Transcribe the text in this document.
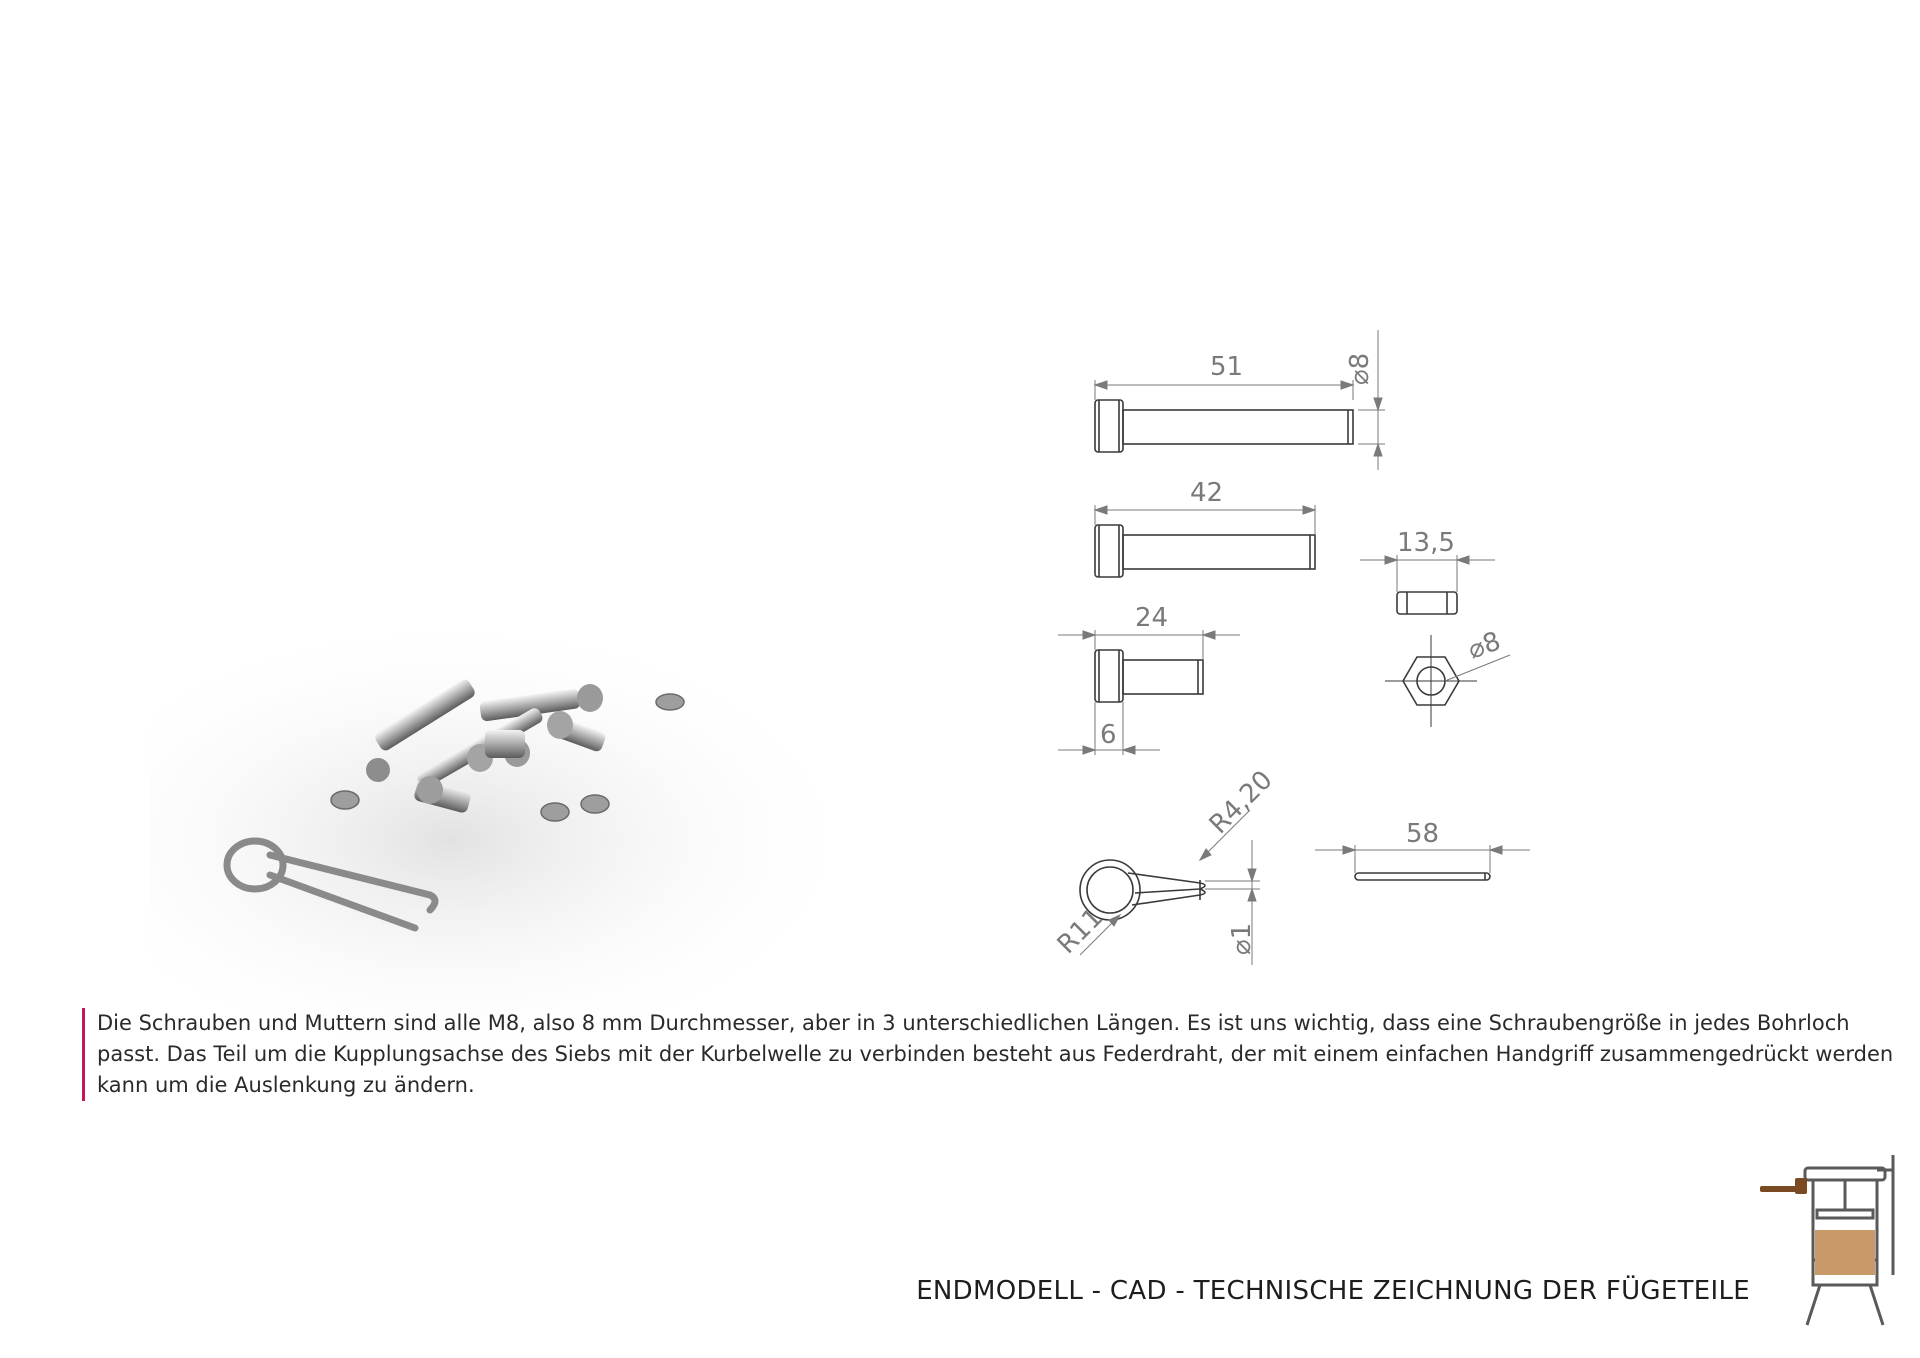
51	⌀8
42
13,5
24
⌀8
6
R4,20
R11	⌀1
58
Die Schrauben und Muttern sind alle M8, also 8 mm Durchmesser, aber in 3 unterschiedlichen Längen. Es ist uns wichtig, dass eine Schraubengröße in jedes Bohrloch
passt. Das Teil um die Kupplungsachse des Siebs mit der Kurbelwelle zu verbinden besteht aus Federdraht, der mit einem einfachen Handgriff zusammengedrückt werden
kann um die Auslenkung zu ändern.
ENDMODELL - CAD - TECHNISCHE ZEICHNUNG DER FÜGETEILE
